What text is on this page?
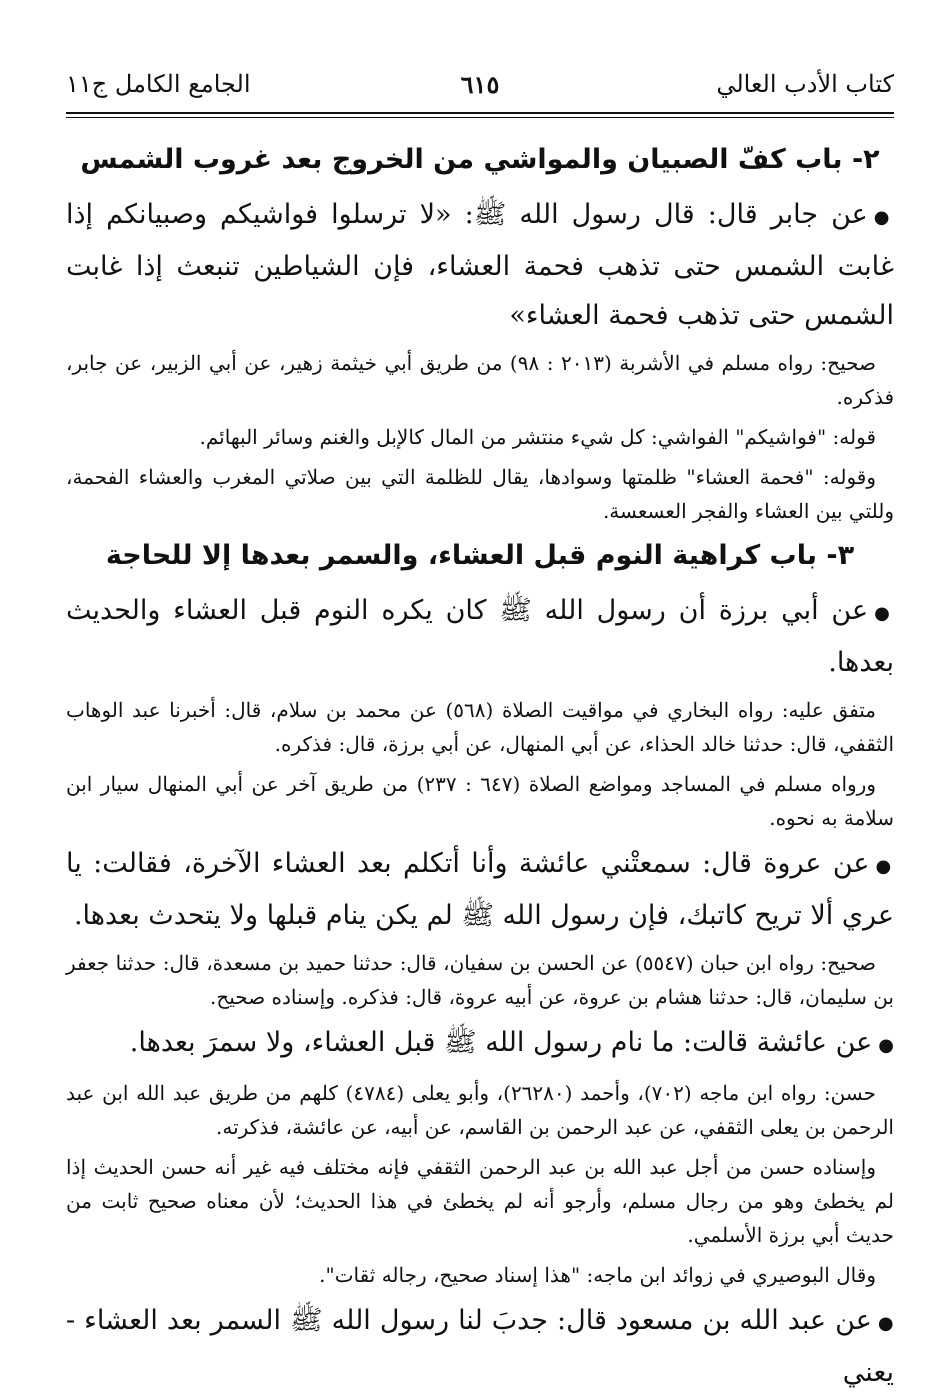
كتاب الأدب العالي
٦١٥
الجامع الكامل ج١١
٢- باب كفّ الصبيان والمواشي من الخروج بعد غروب الشمس

●عن جابر قال: قال رسول الله ﷺ: «لا ترسلوا فواشيكم وصبيانكم إذا غابت الشمس حتى تذهب فحمة العشاء، فإن الشياطين تنبعث إذا غابت الشمس حتى تذهب فحمة العشاء»

صحيح: رواه مسلم في الأشربة (٢٠١٣ : ٩٨) من طريق أبي خيثمة زهير، عن أبي الزبير، عن جابر، فذكره.

قوله: "فواشيكم" الفواشي: كل شيء منتشر من المال كالإبل والغنم وسائر البهائم.

وقوله: "فحمة العشاء" ظلمتها وسوادها، يقال للظلمة التي بين صلاتي المغرب والعشاء الفحمة، وللتي بين العشاء والفجر العسعسة.

٣- باب كراهية النوم قبل العشاء، والسمر بعدها إلا للحاجة

●عن أبي برزة أن رسول الله ﷺ كان يكره النوم قبل العشاء والحديث بعدها.

متفق عليه: رواه البخاري في مواقيت الصلاة (٥٦٨) عن محمد بن سلام، قال: أخبرنا عبد الوهاب الثقفي، قال: حدثنا خالد الحذاء، عن أبي المنهال، عن أبي برزة، قال: فذكره.

ورواه مسلم في المساجد ومواضع الصلاة (٦٤٧ : ٢٣٧) من طريق آخر عن أبي المنهال سيار ابن سلامة به نحوه.

●عن عروة قال: سمعتْني عائشة وأنا أتكلم بعد العشاء الآخرة، فقالت: يا عري ألا تريح كاتبك، فإن رسول الله ﷺ لم يكن ينام قبلها ولا يتحدث بعدها.

صحيح: رواه ابن حبان (٥٥٤٧) عن الحسن بن سفيان، قال: حدثنا حميد بن مسعدة، قال: حدثنا جعفر بن سليمان، قال: حدثنا هشام بن عروة، عن أبيه عروة، قال: فذكره. وإسناده صحيح.

●عن عائشة قالت: ما نام رسول الله ﷺ قبل العشاء، ولا سمرَ بعدها.

حسن: رواه ابن ماجه (٧٠٢)، وأحمد (٢٦٢٨٠)، وأبو يعلى (٤٧٨٤) كلهم من طريق عبد الله ابن عبد الرحمن بن يعلى الثقفي، عن عبد الرحمن بن القاسم، عن أبيه، عن عائشة، فذكرته.

وإسناده حسن من أجل عبد الله بن عبد الرحمن الثقفي فإنه مختلف فيه غير أنه حسن الحديث إذا لم يخطئ وهو من رجال مسلم، وأرجو أنه لم يخطئ في هذا الحديث؛ لأن معناه صحيح ثابت من حديث أبي برزة الأسلمي.

وقال البوصيري في زوائد ابن ماجه: "هذا إسناد صحيح، رجاله ثقات".

●عن عبد الله بن مسعود قال: جدبَ لنا رسول الله ﷺ السمر بعد العشاء - يعني
